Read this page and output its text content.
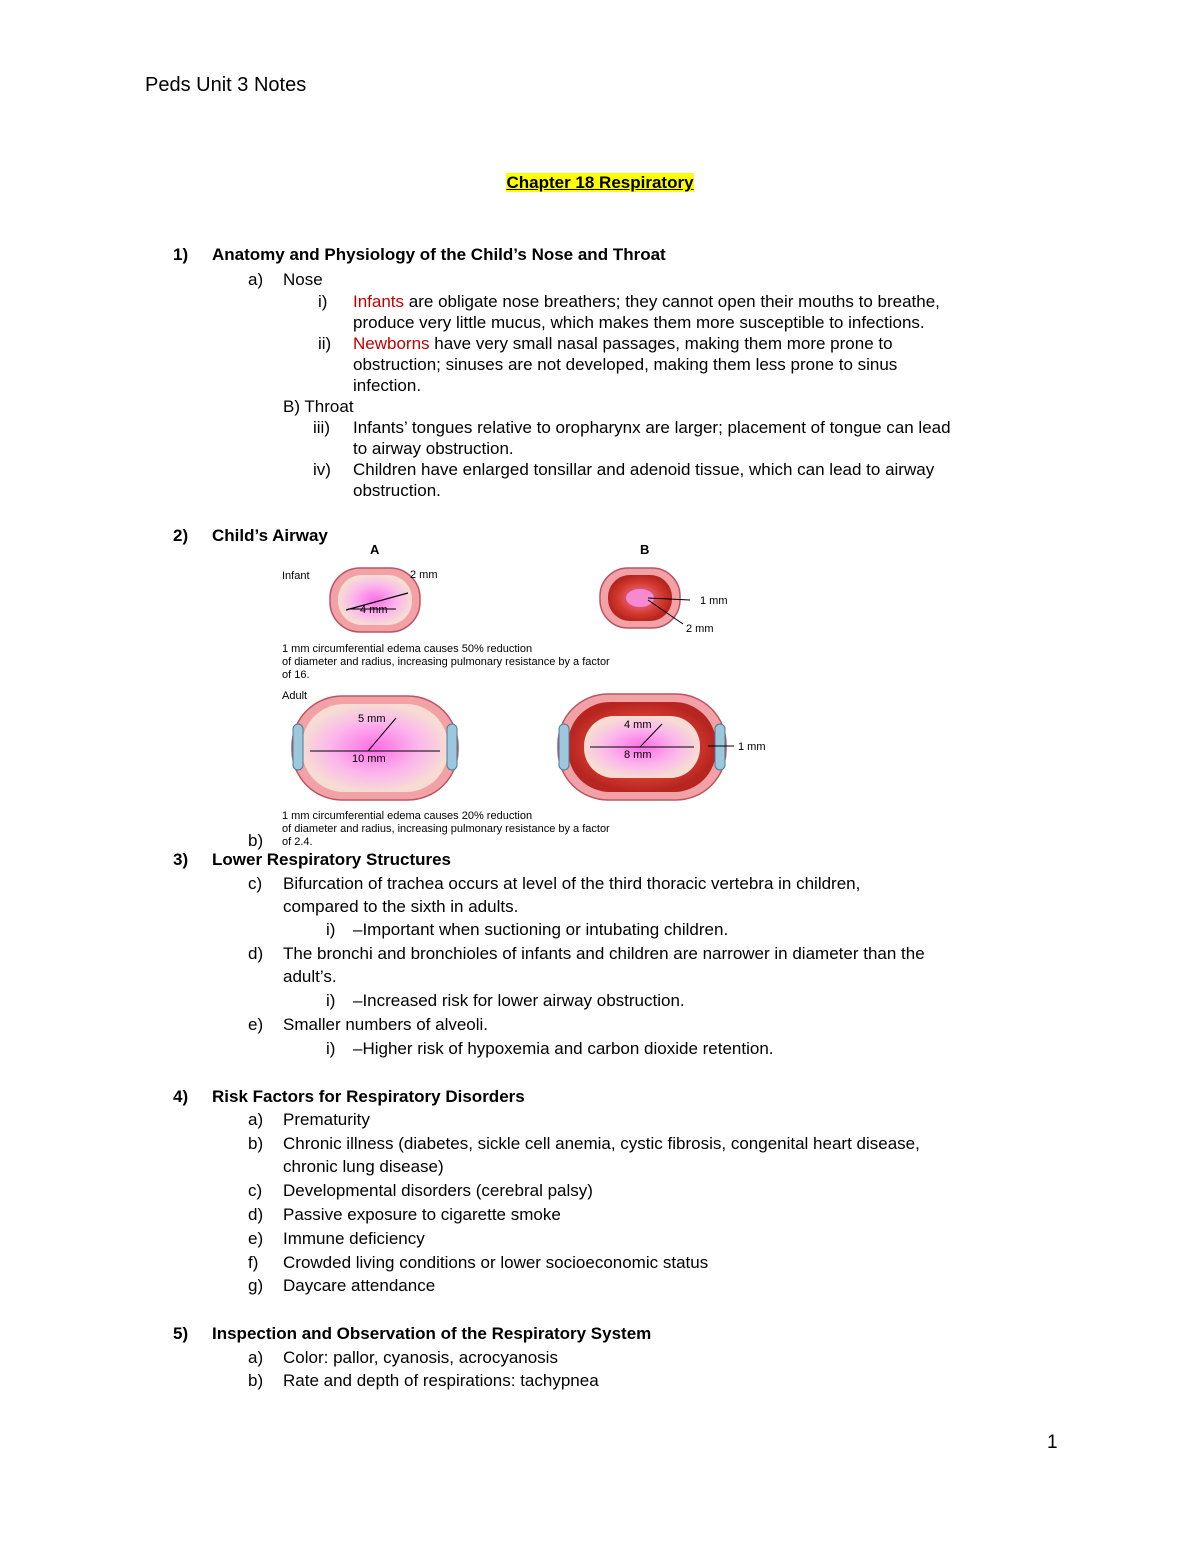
Peds Unit 3 Notes
Chapter 18 Respiratory
1) Anatomy and Physiology of the Child’s Nose and Throat
a) Nose
i) Infants are obligate nose breathers; they cannot open their mouths to breathe,
produce very little mucus, which makes them more susceptible to infections.
ii) Newborns have very small nasal passages, making them more prone to
obstruction; sinuses are not developed, making them less prone to sinus
infection.
B) Throat
iii) Infants’ tongues relative to oropharynx are larger; placement of tongue can lead
to airway obstruction.
iv) Children have enlarged tonsillar and adenoid tissue, which can lead to airway
obstruction.
2) Child’s Airway
A	B
Infant	2 mm
4 mm
1 mm
2 mm
1 mm circumferential edema causes 50% reduction
of diameter and radius, increasing pulmonary resistance by a factor
of 16.
Adult
5 mm
10 mm
4 mm
8 mm
1 mm
1 mm circumferential edema causes 20% reduction
of diameter and radius, increasing pulmonary resistance by a factor
of 2.4.
b)
3) Lower Respiratory Structures
c) Bifurcation of trachea occurs at level of the third thoracic vertebra in children,
compared to the sixth in adults.
i) –Important when suctioning or intubating children.
d) The bronchi and bronchioles of infants and children are narrower in diameter than the
adult’s.
i) –Increased risk for lower airway obstruction.
e) Smaller numbers of alveoli.
i) –Higher risk of hypoxemia and carbon dioxide retention.
4) Risk Factors for Respiratory Disorders
a) Prematurity
b) Chronic illness (diabetes, sickle cell anemia, cystic fibrosis, congenital heart disease,
chronic lung disease)
c) Developmental disorders (cerebral palsy)
d) Passive exposure to cigarette smoke
e) Immune deficiency
f) Crowded living conditions or lower socioeconomic status
g) Daycare attendance
5) Inspection and Observation of the Respiratory System
a) Color: pallor, cyanosis, acrocyanosis
b) Rate and depth of respirations: tachypnea
1
